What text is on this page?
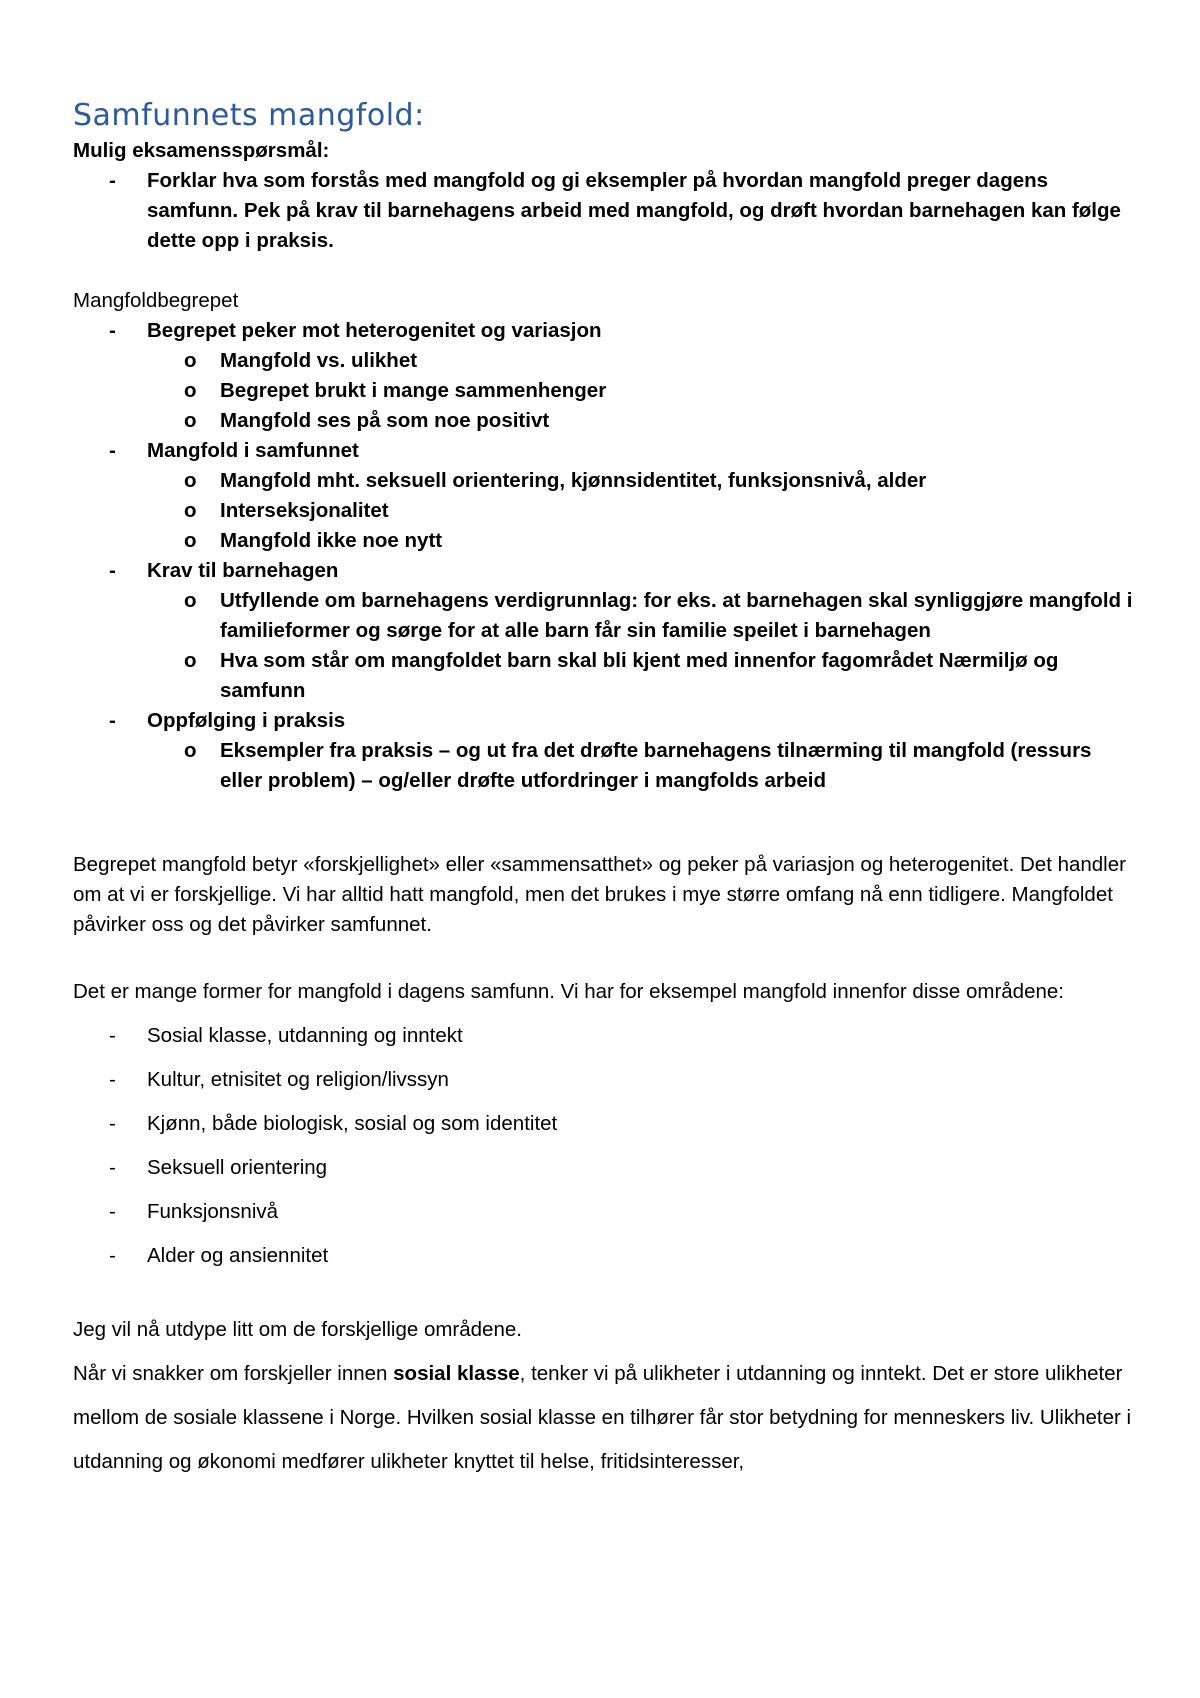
Samfunnets mangfold:
Mulig eksamensspørsmål:
-	Forklar hva som forstås med mangfold og gi eksempler på hvordan mangfold preger dagens samfunn. Pek på krav til barnehagens arbeid med mangfold, og drøft hvordan barnehagen kan følge dette opp i praksis.
Mangfoldbegrepet
-	Begrepet peker mot heterogenitet og variasjon
o	Mangfold vs. ulikhet
o	Begrepet brukt i mange sammenhenger
o	Mangfold ses på som noe positivt
-	Mangfold i samfunnet
o	Mangfold mht. seksuell orientering, kjønnsidentitet, funksjonsnivå, alder
o	Interseksjonalitet
o	Mangfold ikke noe nytt
-	Krav til barnehagen
o	Utfyllende om barnehagens verdigrunnlag: for eks. at barnehagen skal synliggjøre mangfold i familieformer og sørge for at alle barn får sin familie speilet i barnehagen
o	Hva som står om mangfoldet barn skal bli kjent med innenfor fagområdet Nærmiljø og samfunn
-	Oppfølging i praksis
o	Eksempler fra praksis – og ut fra det drøfte barnehagens tilnærming til mangfold (ressurs eller problem) – og/eller drøfte utfordringer i mangfolds arbeid

Begrepet mangfold betyr «forskjellighet» eller «sammensatthet» og peker på variasjon og heterogenitet. Det handler om at vi er forskjellige. Vi har alltid hatt mangfold, men det brukes i mye større omfang nå enn tidligere. Mangfoldet påvirker oss og det påvirker samfunnet.

Det er mange former for mangfold i dagens samfunn. Vi har for eksempel mangfold innenfor disse områdene:

-	Sosial klasse, utdanning og inntekt
-	Kultur, etnisitet og religion/livssyn
-	Kjønn, både biologisk, sosial og som identitet
-	Seksuell orientering
-	Funksjonsnivå
-	Alder og ansiennitet

Jeg vil nå utdype litt om de forskjellige områdene.

Når vi snakker om forskjeller innen sosial klasse, tenker vi på ulikheter i utdanning og inntekt. Det er store ulikheter mellom de sosiale klassene i Norge. Hvilken sosial klasse en tilhører får stor betydning for menneskers liv. Ulikheter i utdanning og økonomi medfører ulikheter knyttet til helse, fritidsinteresser,
